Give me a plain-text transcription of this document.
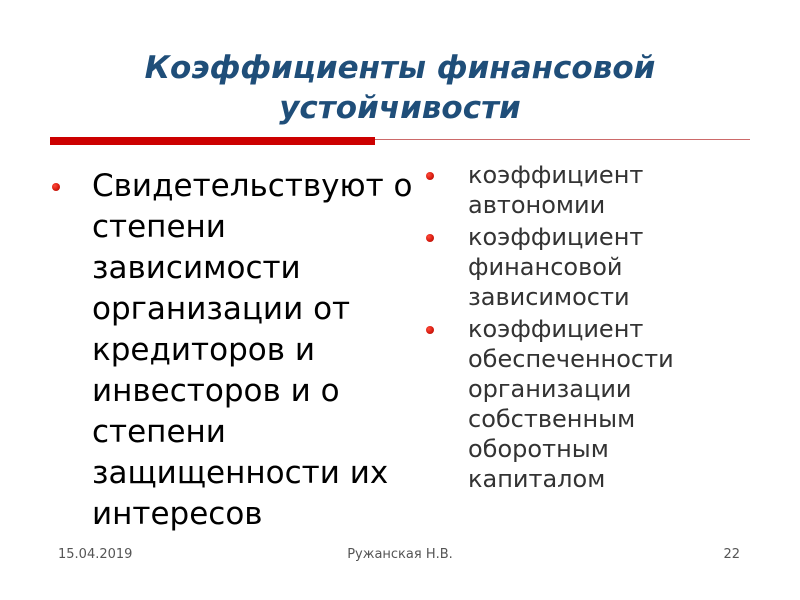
Коэффициенты финансовой
устойчивости
Свидетельствуют о степени зависимости организации от кредиторов и инвесторов и о степени защищенности их интересов
коэффициент автономии
коэффициент финансовой зависимости
коэффициент обеспеченности организации собственным оборотным капиталом
15.04.2019	Ружанская Н.В.	22
